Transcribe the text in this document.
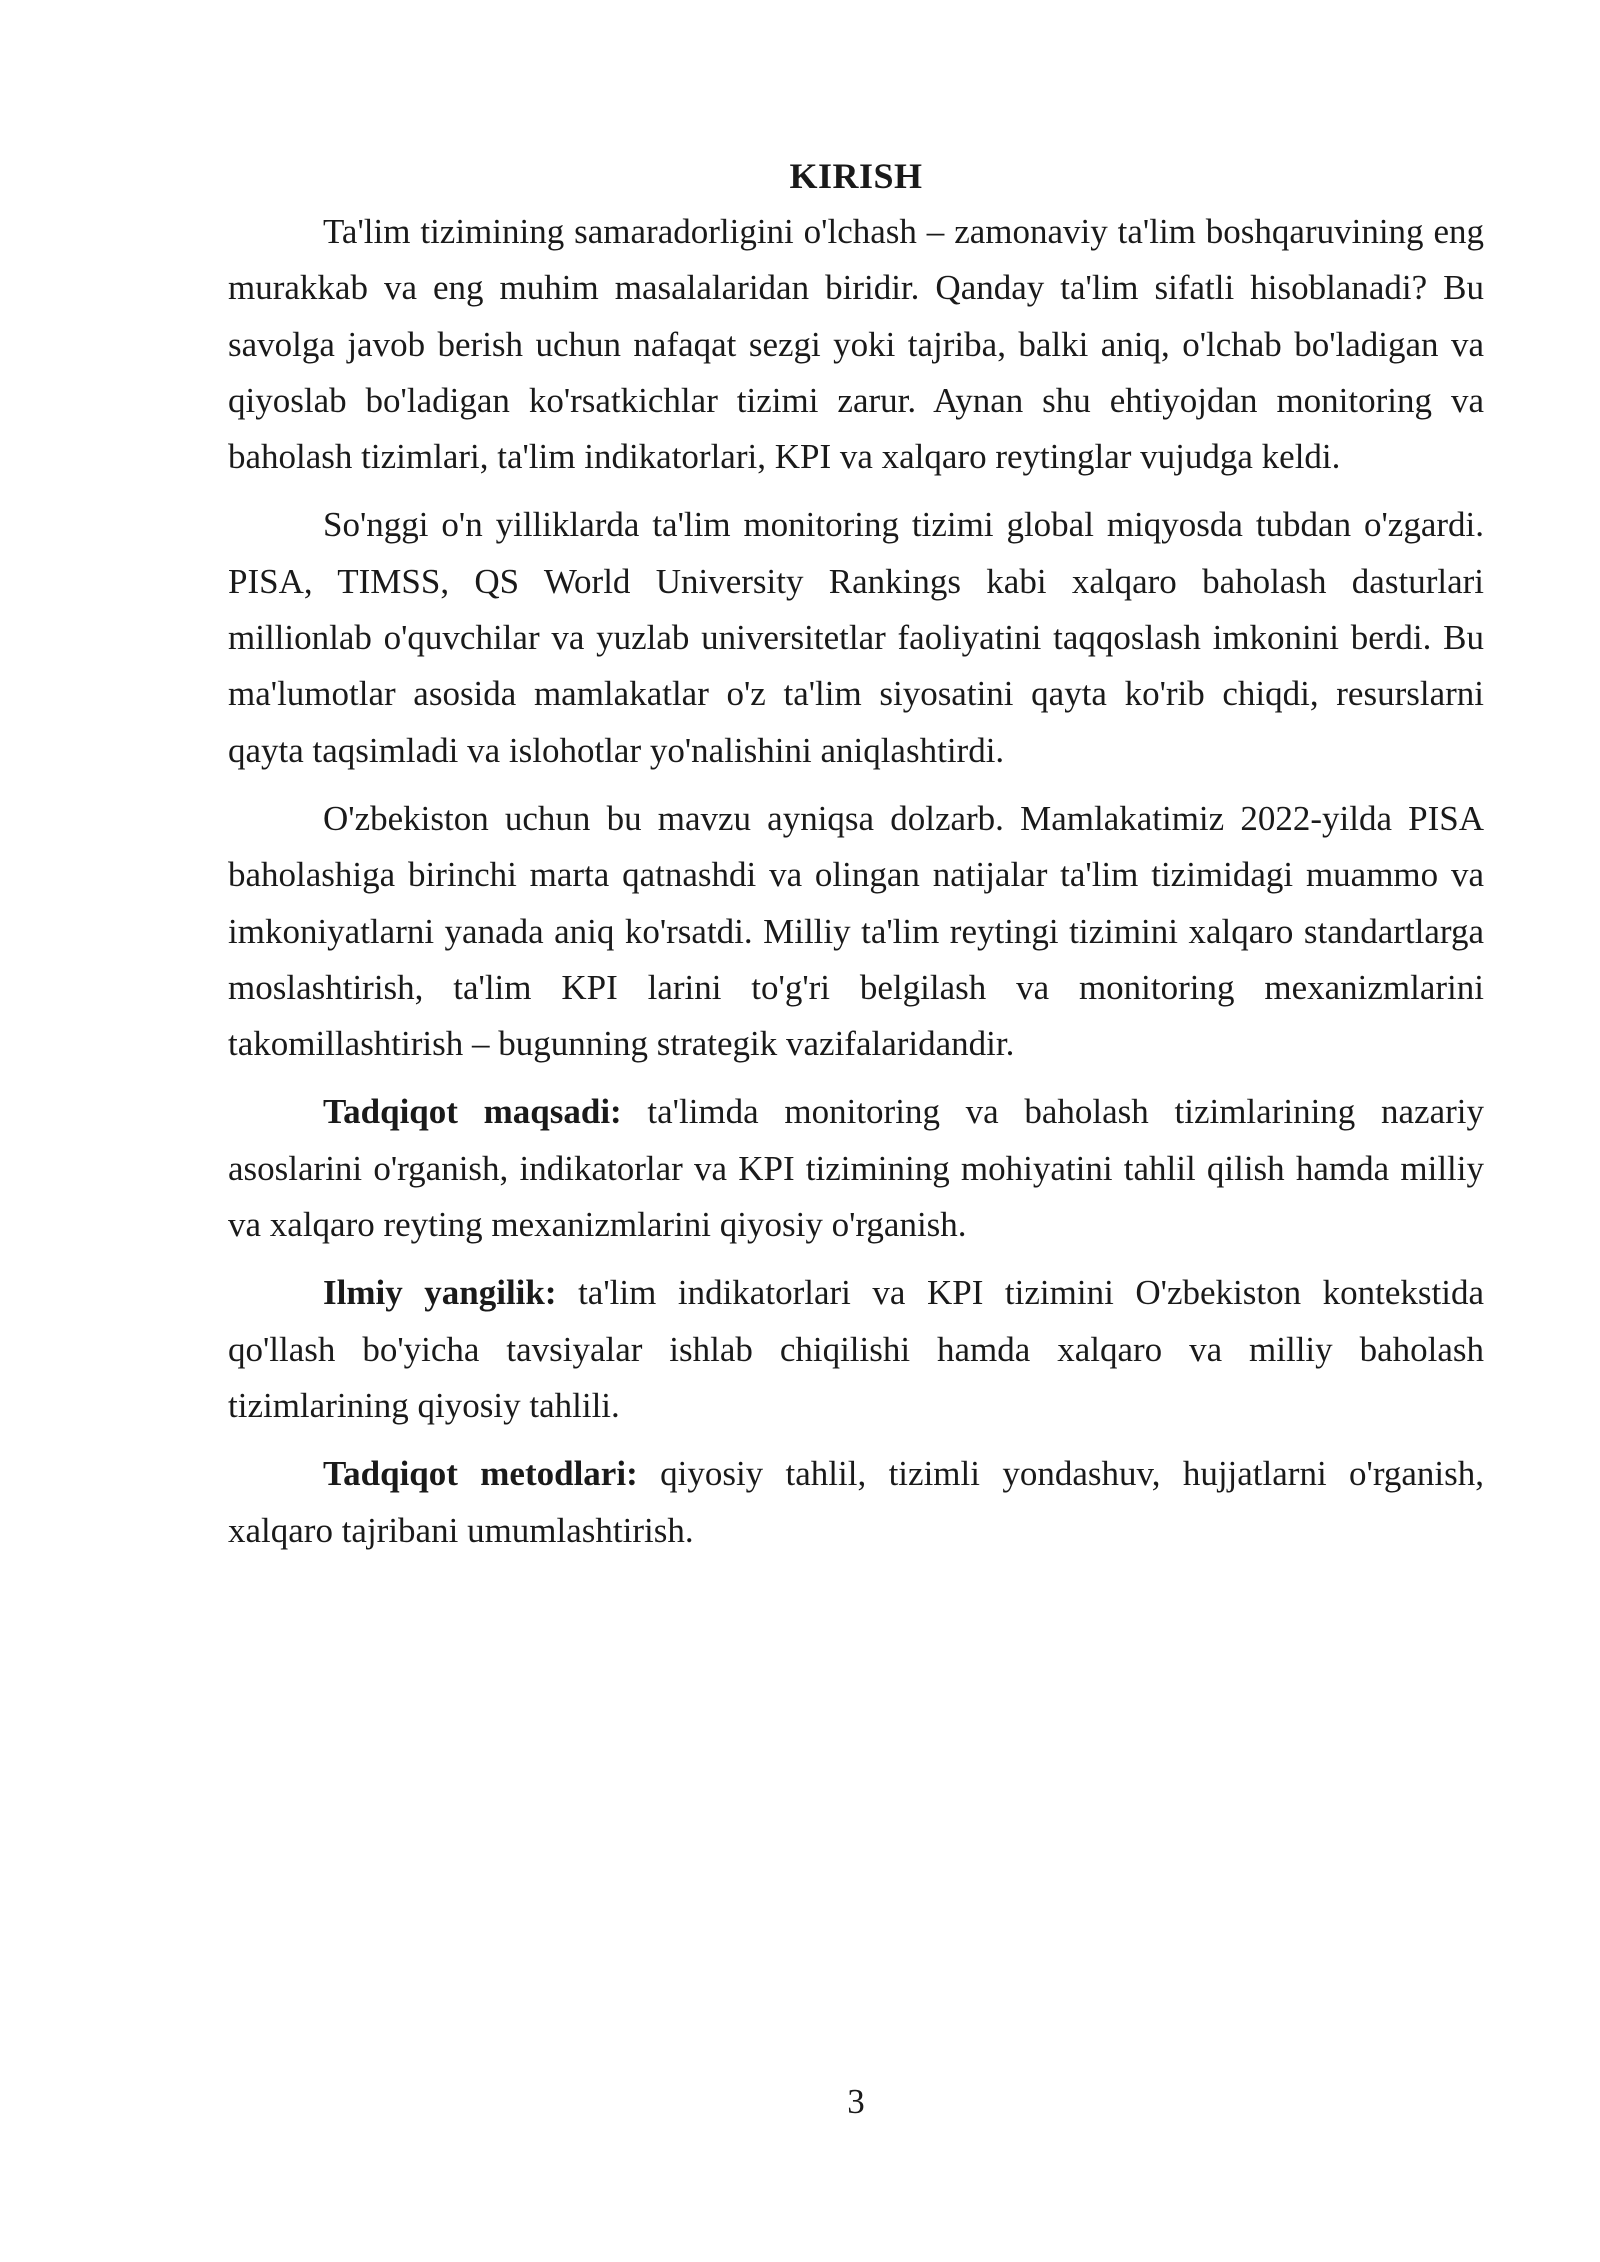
KIRISH

Ta'lim tizimining samaradorligini o'lchash – zamonaviy ta'lim boshqaruvining eng murakkab va eng muhim masalalaridan biridir. Qanday ta'lim sifatli hisoblanadi? Bu savolga javob berish uchun nafaqat sezgi yoki tajriba, balki aniq, o'lchab bo'ladigan va qiyoslab bo'ladigan ko'rsatkichlar tizimi zarur. Aynan shu ehtiyojdan monitoring va baholash tizimlari, ta'lim indikatorlari, KPI va xalqaro reytinglar vujudga keldi.

So'nggi o'n yilliklarda ta'lim monitoring tizimi global miqyosda tubdan o'zgardi. PISA, TIMSS, QS World University Rankings kabi xalqaro baholash dasturlari millionlab o'quvchilar va yuzlab universitetlar faoliyatini taqqoslash imkonini berdi. Bu ma'lumotlar asosida mamlakatlar o'z ta'lim siyosatini qayta ko'rib chiqdi, resurslarni qayta taqsimladi va islohotlar yo'nalishini aniqlashtirdi.

O'zbekiston uchun bu mavzu ayniqsa dolzarb. Mamlakatimiz 2022-yilda PISA baholashiga birinchi marta qatnashdi va olingan natijalar ta'lim tizimidagi muammo va imkoniyatlarni yanada aniq ko'rsatdi. Milliy ta'lim reytingi tizimini xalqaro standartlarga moslashtirish, ta'lim KPI larini to'g'ri belgilash va monitoring mexanizmlarini takomillashtirish – bugunning strategik vazifalaridandir.

Tadqiqot maqsadi: ta'limda monitoring va baholash tizimlarining nazariy asoslarini o'rganish, indikatorlar va KPI tizimining mohiyatini tahlil qilish hamda milliy va xalqaro reyting mexanizmlarini qiyosiy o'rganish.

Ilmiy yangilik: ta'lim indikatorlari va KPI tizimini O'zbekiston kontekstida qo'llash bo'yicha tavsiyalar ishlab chiqilishi hamda xalqaro va milliy baholash tizimlarining qiyosiy tahlili.

Tadqiqot metodlari: qiyosiy tahlil, tizimli yondashuv, hujjatlarni o'rganish, xalqaro tajribani umumlashtirish.

3
